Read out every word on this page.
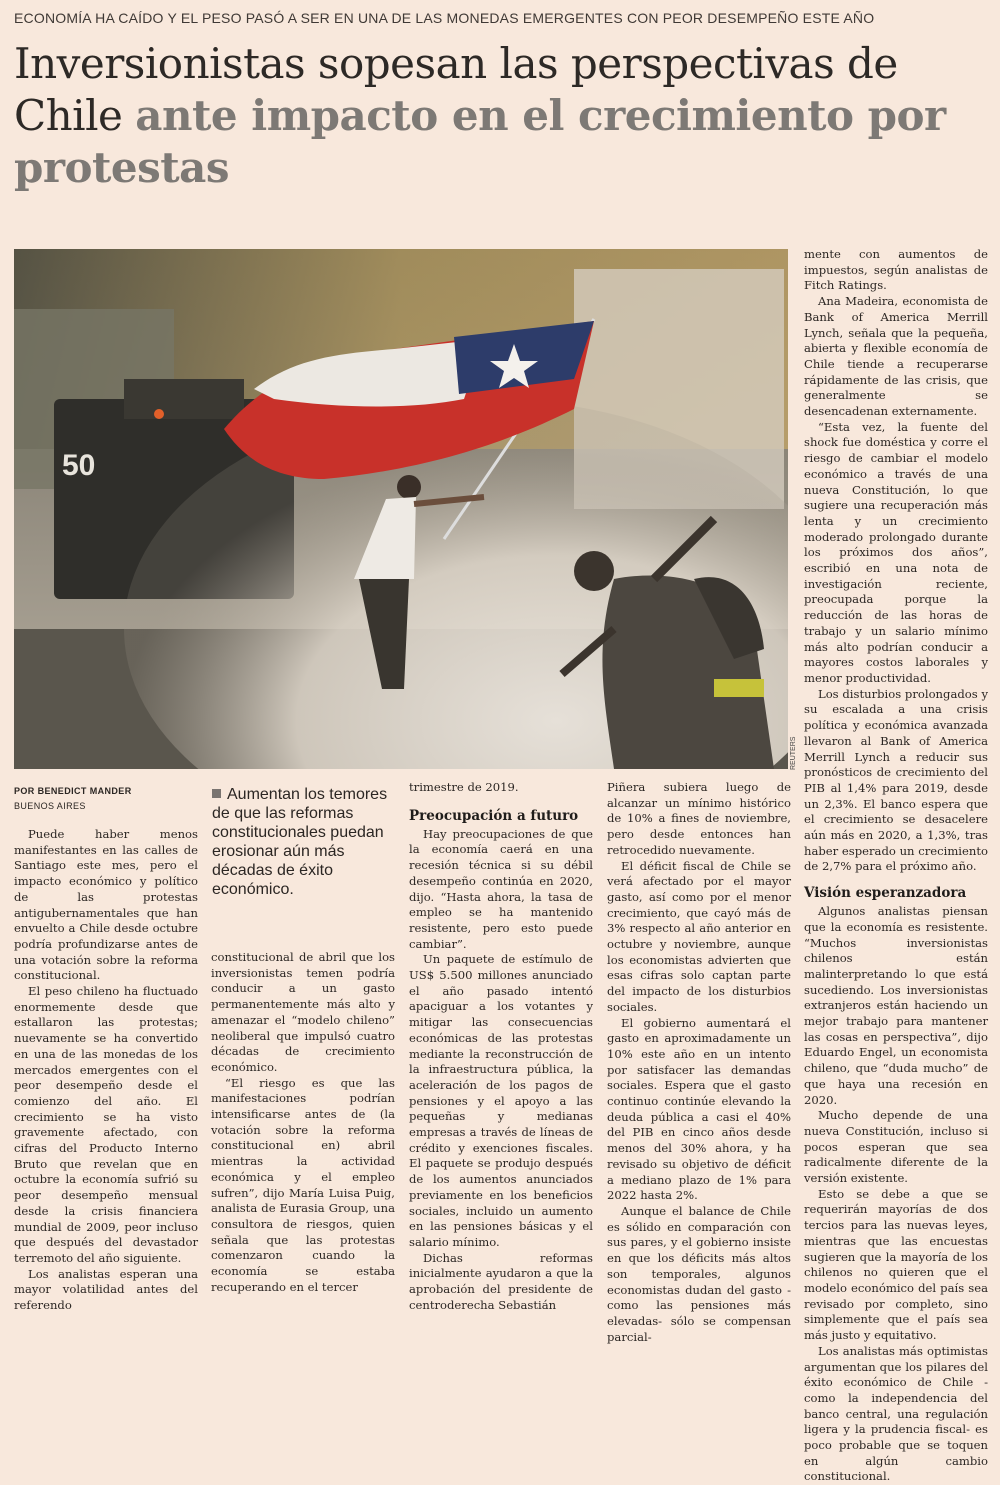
ECONOMÍA HA CAÍDO Y EL PESO PASÓ A SER EN UNA DE LAS MONEDAS EMERGENTES CON PEOR DESEMPEÑO ESTE AÑO
Inversionistas sopesan las perspectivas de Chile ante impacto en el crecimiento por protestas
50
REUTERS
POR BENEDICT MANDER
BUENOS AIRES

Puede haber menos manifestantes en las calles de Santiago este mes, pero el impacto económico y político de las protestas antigubernamentales que han envuelto a Chile desde octubre podría profundizarse antes de una votación sobre la reforma constitucional.

El peso chileno ha fluctuado enormemente desde que estallaron las protestas; nuevamente se ha convertido en una de las monedas de los mercados emergentes con el peor desempeño desde el comienzo del año. El crecimiento se ha visto gravemente afectado, con cifras del Producto Interno Bruto que revelan que en octubre la economía sufrió su peor desempeño mensual desde la crisis financiera mundial de 2009, peor incluso que después del devastador terremoto del año siguiente.

Los analistas esperan una mayor volatilidad antes del referendo

Aumentan los temores de que las reformas constitucionales puedan erosionar aún más décadas de éxito económico.

constitucional de abril que los inversionistas temen podría conducir a un gasto permanentemente más alto y amenazar el “modelo chileno” neoliberal que impulsó cuatro décadas de crecimiento económico.

“El riesgo es que las manifestaciones podrían intensificarse antes de (la votación sobre la reforma constitucional en) abril mientras la actividad económica y el empleo sufren”, dijo María Luisa Puig, analista de Eurasia Group, una consultora de riesgos, quien señala que las protestas comenzaron cuando la economía se estaba recuperando en el tercer

trimestre de 2019.

Preocupación a futuro

Hay preocupaciones de que la economía caerá en una recesión técnica si su débil desempeño continúa en 2020, dijo. “Hasta ahora, la tasa de empleo se ha mantenido resistente, pero esto puede cambiar”.

Un paquete de estímulo de US$ 5.500 millones anunciado el año pasado intentó apaciguar a los votantes y mitigar las consecuencias económicas de las protestas mediante la reconstrucción de la infraestructura pública, la aceleración de los pagos de pensiones y el apoyo a las pequeñas y medianas empresas a través de líneas de crédito y exenciones fiscales. El paquete se produjo después de los aumentos anunciados previamente en los beneficios sociales, incluido un aumento en las pensiones básicas y el salario mínimo.

Dichas reformas inicialmente ayudaron a que la aprobación del presidente de centroderecha Sebastián

Piñera subiera luego de alcanzar un mínimo histórico de 10% a fines de noviembre, pero desde entonces han retrocedido nuevamente.

El déficit fiscal de Chile se verá afectado por el mayor gasto, así como por el menor crecimiento, que cayó más de 3% respecto al año anterior en octubre y noviembre, aunque los economistas advierten que esas cifras solo captan parte del impacto de los disturbios sociales.

El gobierno aumentará el gasto en aproximadamente un 10% este año en un intento por satisfacer las demandas sociales. Espera que el gasto continuo continúe elevando la deuda pública a casi el 40% del PIB en cinco años desde menos del 30% ahora, y ha revisado su objetivo de déficit a mediano plazo de 1% para 2022 hasta 2%.

Aunque el balance de Chile es sólido en comparación con sus pares, y el gobierno insiste en que los déficits más altos son temporales, algunos economistas dudan del gasto -como las pensiones más elevadas- sólo se compensan parcial-

mente con aumentos de impuestos, según analistas de Fitch Ratings.

Ana Madeira, economista de Bank of America Merrill Lynch, señala que la pequeña, abierta y flexible economía de Chile tiende a recuperarse rápidamente de las crisis, que generalmente se desencadenan externamente.

“Esta vez, la fuente del shock fue doméstica y corre el riesgo de cambiar el modelo económico a través de una nueva Constitución, lo que sugiere una recuperación más lenta y un crecimiento moderado prolongado durante los próximos dos años”, escribió en una nota de investigación reciente, preocupada porque la reducción de las horas de trabajo y un salario mínimo más alto podrían conducir a mayores costos laborales y menor productividad.

Los disturbios prolongados y su escalada a una crisis política y económica avanzada llevaron al Bank of America Merrill Lynch a reducir sus pronósticos de crecimiento del PIB al 1,4% para 2019, desde un 2,3%. El banco espera que el crecimiento se desacelere aún más en 2020, a 1,3%, tras haber esperado un crecimiento de 2,7% para el próximo año.

Visión esperanzadora

Algunos analistas piensan que la economía es resistente. “Muchos inversionistas chilenos están malinterpretando lo que está sucediendo. Los inversionistas extranjeros están haciendo un mejor trabajo para mantener las cosas en perspectiva”, dijo Eduardo Engel, un economista chileno, que “duda mucho” de que haya una recesión en 2020.

Mucho depende de una nueva Constitución, incluso si pocos esperan que sea radicalmente diferente de la versión existente.

Esto se debe a que se requerirán mayorías de dos tercios para las nuevas leyes, mientras que las encuestas sugieren que la mayoría de los chilenos no quieren que el modelo económico del país sea revisado por completo, sino simplemente que el país sea más justo y equitativo.

Los analistas más optimistas argumentan que los pilares del éxito económico de Chile -como la independencia del banco central, una regulación ligera y la prudencia fiscal- es poco probable que se toquen en algún cambio constitucional.
